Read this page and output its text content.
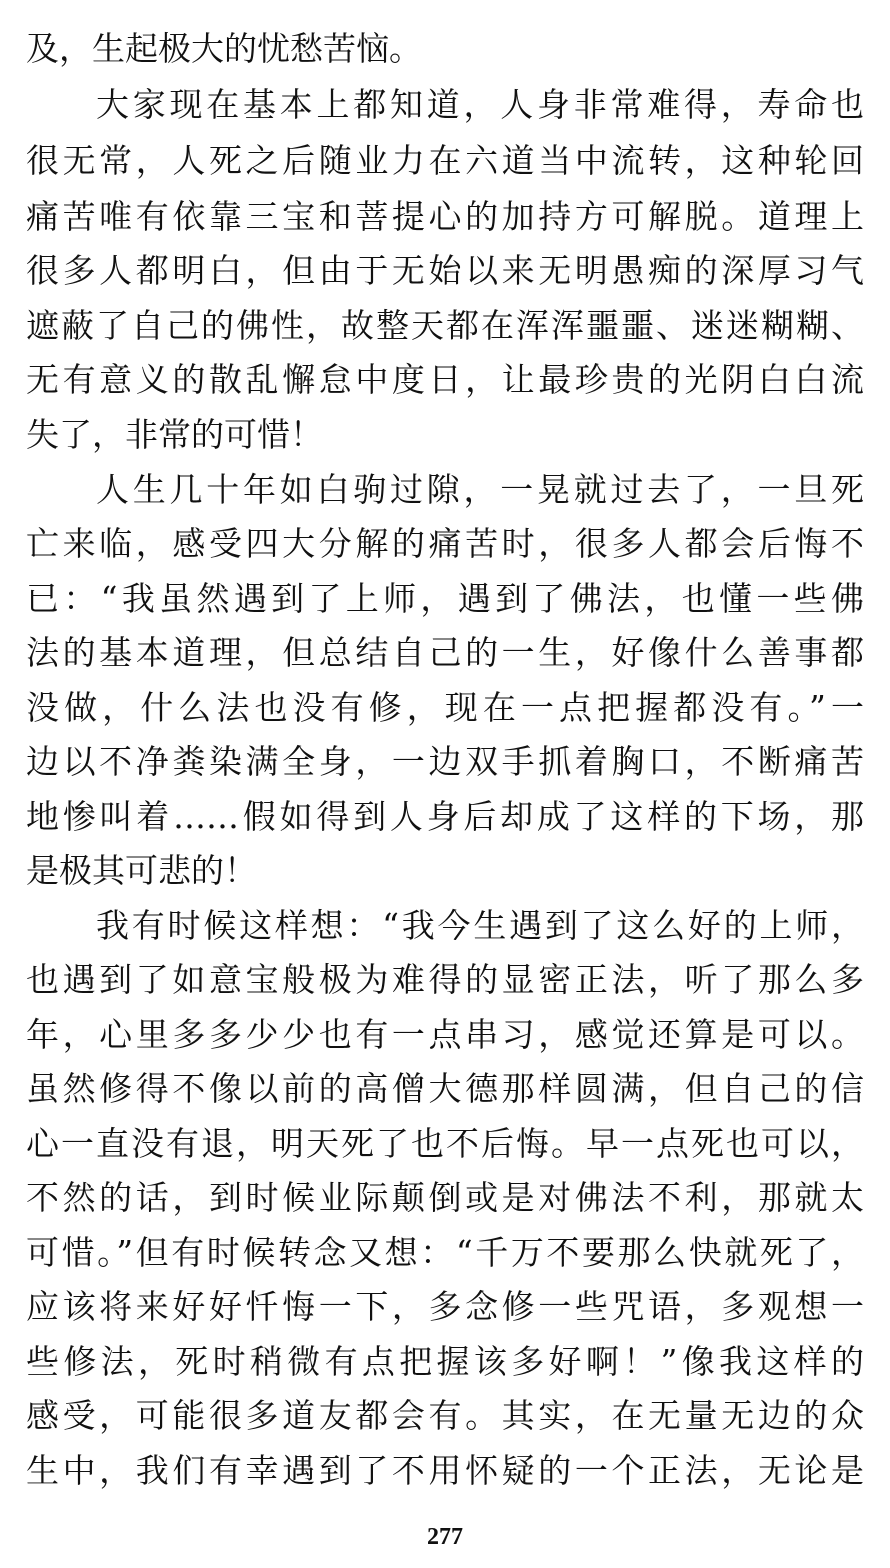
及，生起极大的忧愁苦恼。
大家现在基本上都知道，人身非常难得，寿命也
很无常，人死之后随业力在六道当中流转，这种轮回
痛苦唯有依靠三宝和菩提心的加持方可解脱。道理上
很多人都明白，但由于无始以来无明愚痴的深厚习气
遮蔽了自己的佛性，故整天都在浑浑噩噩、迷迷糊糊、
无有意义的散乱懈怠中度日，让最珍贵的光阴白白流
失了，非常的可惜！
人生几十年如白驹过隙，一晃就过去了，一旦死
亡来临，感受四大分解的痛苦时，很多人都会后悔不
已：“我虽然遇到了上师，遇到了佛法，也懂一些佛
法的基本道理，但总结自己的一生，好像什么善事都
没做，什么法也没有修，现在一点把握都没有。”一
边以不净粪染满全身，一边双手抓着胸口，不断痛苦
地惨叫着……假如得到人身后却成了这样的下场，那
是极其可悲的！
我有时候这样想：“我今生遇到了这么好的上师，
也遇到了如意宝般极为难得的显密正法，听了那么多
年，心里多多少少也有一点串习，感觉还算是可以。
虽然修得不像以前的高僧大德那样圆满，但自己的信
心一直没有退，明天死了也不后悔。早一点死也可以，
不然的话，到时候业际颠倒或是对佛法不利，那就太
可惜。”但有时候转念又想：“千万不要那么快就死了，
应该将来好好忏悔一下，多念修一些咒语，多观想一
些修法，死时稍微有点把握该多好啊！”像我这样的
感受，可能很多道友都会有。其实，在无量无边的众
生中，我们有幸遇到了不用怀疑的一个正法，无论是
277
